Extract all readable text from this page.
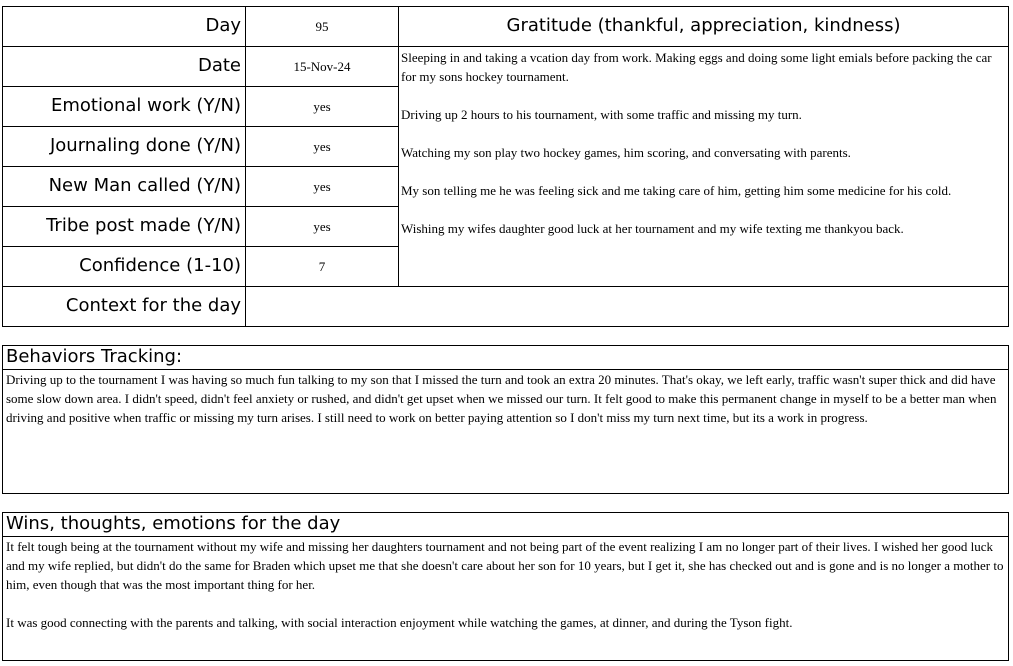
Day
Date
Emotional work (Y/N)
Journaling done (Y/N)
New Man called (Y/N)
Tribe post made (Y/N)
Confidence (1-10)
Context for the day
95
15-Nov-24
yes
yes
yes
yes
7
Gratitude (thankful, appreciation, kindness)
Sleeping in and taking a vcation day from work. Making eggs and doing some light emials before packing the car for my sons hockey tournament.
Driving up 2 hours to his tournament, with some traffic and missing my turn.
Watching my son play two hockey games, him scoring, and conversating with parents.
My son telling me he was feeling sick and me taking care of him, getting him some medicine for his cold.
Wishing my wifes daughter good luck at her tournament and my wife texting me thankyou back.
Behaviors Tracking:
Driving up to the tournament I was having so much fun talking to my son that I missed the turn and took an extra 20 minutes. That's okay, we left early, traffic wasn't super thick and did have some slow down area. I didn't speed, didn't feel anxiety or rushed, and didn't get upset when we missed our turn. It felt good to make this permanent change in myself to be a better man when driving and positive when traffic or missing my turn arises. I still need to work on better paying attention so I don't miss my turn next time, but its a work in progress.
Wins, thoughts, emotions for the day
It felt tough being at the tournament without my wife and missing her daughters tournament and not being part of the event realizing I am no longer part of their lives. I wished her good luck and my wife replied, but didn't do the same for Braden which upset me that she doesn't care about her son for 10 years, but I get it, she has checked out and is gone and is no longer a mother to him, even though that was the most important thing for her.

It was good connecting with the parents and talking, with social interaction enjoyment while watching the games, at dinner, and during the Tyson fight.
